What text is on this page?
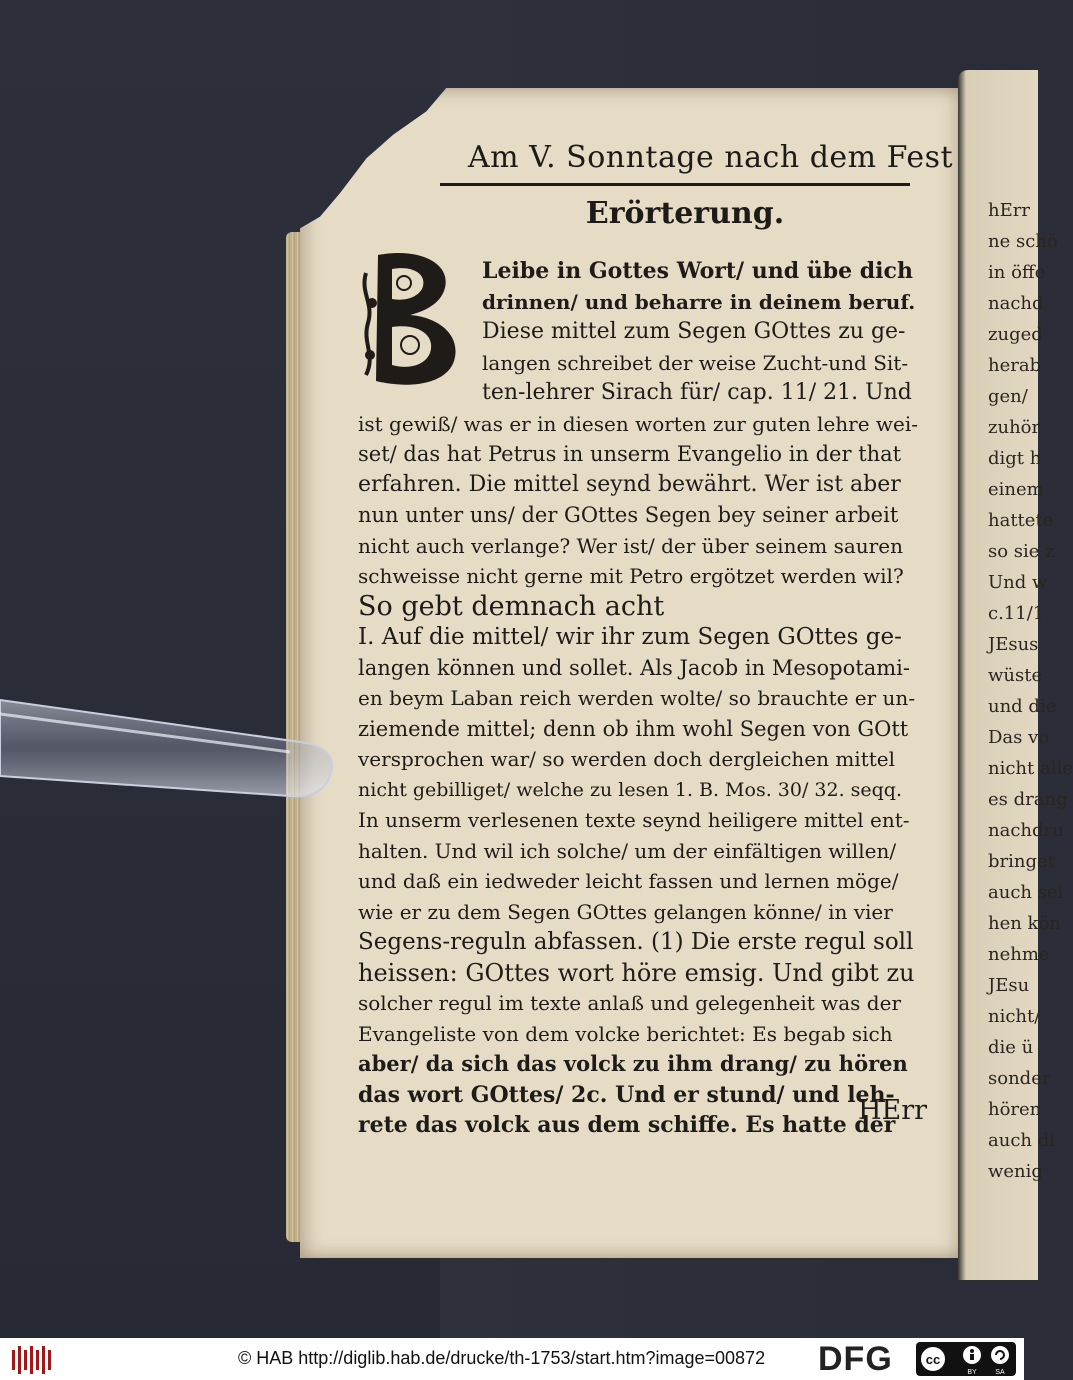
hErr
ne schö
in öffe
nachd
zuged
herab
gen/
zuhör
digt h
einem
hattete
so sie z
Und w
c.11/1
JEsus
wüste
und die
Das vo
nicht alle
es drang
nachdru
bringet
auch sei
hen kön
nehme
JEsu
nicht/
die ü
sonder
hören
auch di
wenig
Am V. Sonntage nach dem Fest
Erörterung.
HErr
Leibe in Gottes Wort/ und übe dich
drinnen/ und beharre in deinem beruf.
Diese mittel zum Segen GOttes zu ge-
langen schreibet der weise Zucht-und Sit-
ten-lehrer Sirach für/ cap. 11/ 21. Und
ist gewiß/ was er in diesen worten zur guten lehre wei-
set/ das hat Petrus in unserm Evangelio in der that
erfahren. Die mittel seynd bewährt. Wer ist aber
nun unter uns/ der GOttes Segen bey seiner arbeit
nicht auch verlange? Wer ist/ der über seinem sauren
schweisse nicht gerne mit Petro ergötzet werden wil?
So gebt demnach acht
I. Auf die mittel/ wir ihr zum Segen GOttes ge-
langen können und sollet. Als Jacob in Mesopotami-
en beym Laban reich werden wolte/ so brauchte er un-
ziemende mittel; denn ob ihm wohl Segen von GOtt
versprochen war/ so werden doch dergleichen mittel
nicht gebilliget/ welche zu lesen 1. B. Mos. 30/ 32. seqq.
In unserm verlesenen texte seynd heiligere mittel ent-
halten. Und wil ich solche/ um der einfältigen willen/
und daß ein iedweder leicht fassen und lernen möge/
wie er zu dem Segen GOttes gelangen könne/ in vier
Segens-reguln abfassen. (1) Die erste regul soll
heissen: GOttes wort höre emsig. Und gibt zu
solcher regul im texte anlaß und gelegenheit was der
Evangeliste von dem volcke berichtet: Es begab sich
aber/ da sich das volck zu ihm drang/ zu hören
das wort GOttes/ 2c. Und er stund/ und leh-
rete das volck aus dem schiffe. Es hatte der
© HAB http://diglib.hab.de/drucke/th-1753/start.htm?image=00872 DFG	cc
BY	SA
